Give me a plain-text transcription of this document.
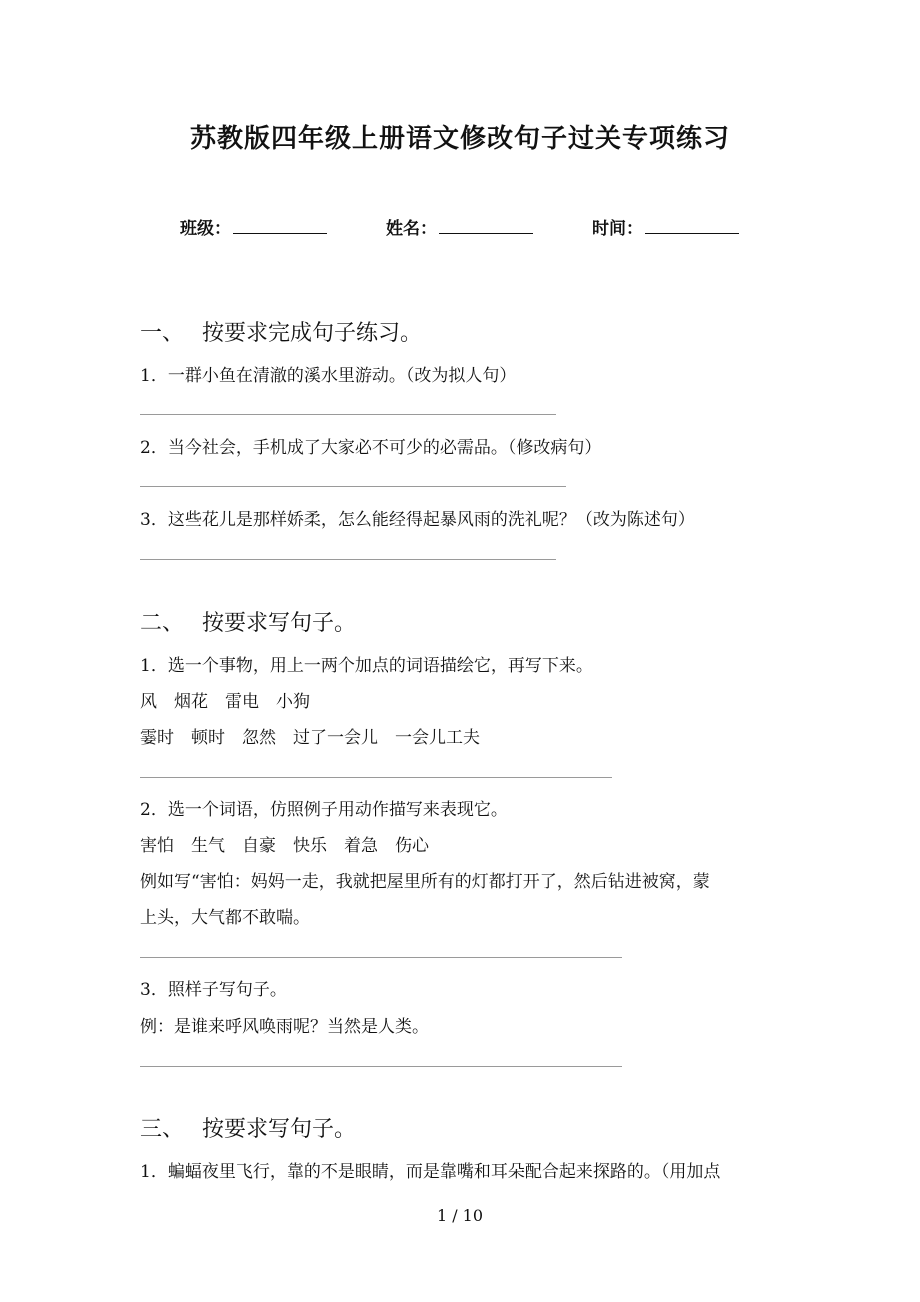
苏教版四年级上册语文修改句子过关专项练习
班级：	姓名：	时间：
一、 按要求完成句子练习。
1．一群小鱼在清澈的溪水里游动。（改为拟人句）
2．当今社会，手机成了大家必不可少的必需品。（修改病句）
3．这些花儿是那样娇柔，怎么能经得起暴风雨的洗礼呢？（改为陈述句）
二、 按要求写句子。
1．选一个事物，用上一两个加点的词语描绘它，再写下来。
风　烟花　雷电　小狗
霎时　顿时　忽然　过了一会儿　一会儿工夫
2．选一个词语，仿照例子用动作描写来表现它。
害怕　生气　自豪　快乐　着急　伤心
例如写“害怕：妈妈一走，我就把屋里所有的灯都打开了，然后钻进被窝，蒙
上头，大气都不敢喘。
3．照样子写句子。
例：是谁来呼风唤雨呢？当然是人类。
三、 按要求写句子。
1．蝙蝠夜里飞行，靠的不是眼睛，而是靠嘴和耳朵配合起来探路的。（用加点
1 / 10
